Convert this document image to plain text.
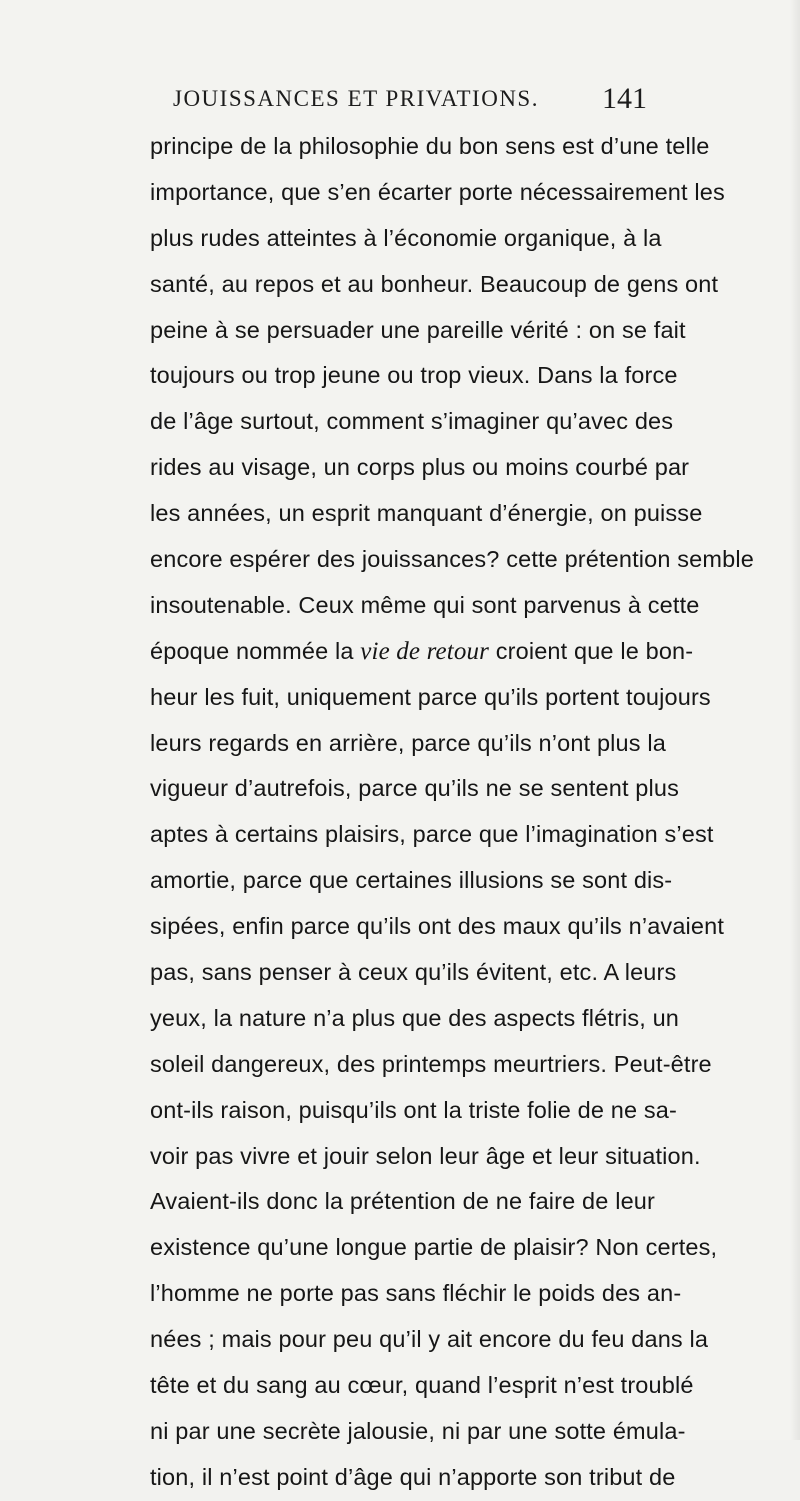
JOUISSANCES ET PRIVATIONS. 141
principe de la philosophie du bon sens est d’une telle
importance, que s’en écarter porte nécessairement les
plus rudes atteintes à l’économie organique, à la
santé, au repos et au bonheur. Beaucoup de gens ont
peine à se persuader une pareille vérité : on se fait
toujours ou trop jeune ou trop vieux. Dans la force
de l’âge surtout, comment s’imaginer qu’avec des
rides au visage, un corps plus ou moins courbé par
les années, un esprit manquant d’énergie, on puisse
encore espérer des jouissances? cette prétention semble
insoutenable. Ceux même qui sont parvenus à cette
époque nommée la vie de retour croient que le bon-
heur les fuit, uniquement parce qu’ils portent toujours
leurs regards en arrière, parce qu’ils n’ont plus la
vigueur d’autrefois, parce qu’ils ne se sentent plus
aptes à certains plaisirs, parce que l’imagination s’est
amortie, parce que certaines illusions se sont dis-
sipées, enfin parce qu’ils ont des maux qu’ils n’avaient
pas, sans penser à ceux qu’ils évitent, etc. A leurs
yeux, la nature n’a plus que des aspects flétris, un
soleil dangereux, des printemps meurtriers. Peut-être
ont-ils raison, puisqu’ils ont la triste folie de ne sa-
voir pas vivre et jouir selon leur âge et leur situation.
Avaient-ils donc la prétention de ne faire de leur
existence qu’une longue partie de plaisir? Non certes,
l’homme ne porte pas sans fléchir le poids des an-
nées ; mais pour peu qu’il y ait encore du feu dans la
tête et du sang au cœur, quand l’esprit n’est troublé
ni par une secrète jalousie, ni par une sotte émula-
tion, il n’est point d’âge qui n’apporte son tribut de
